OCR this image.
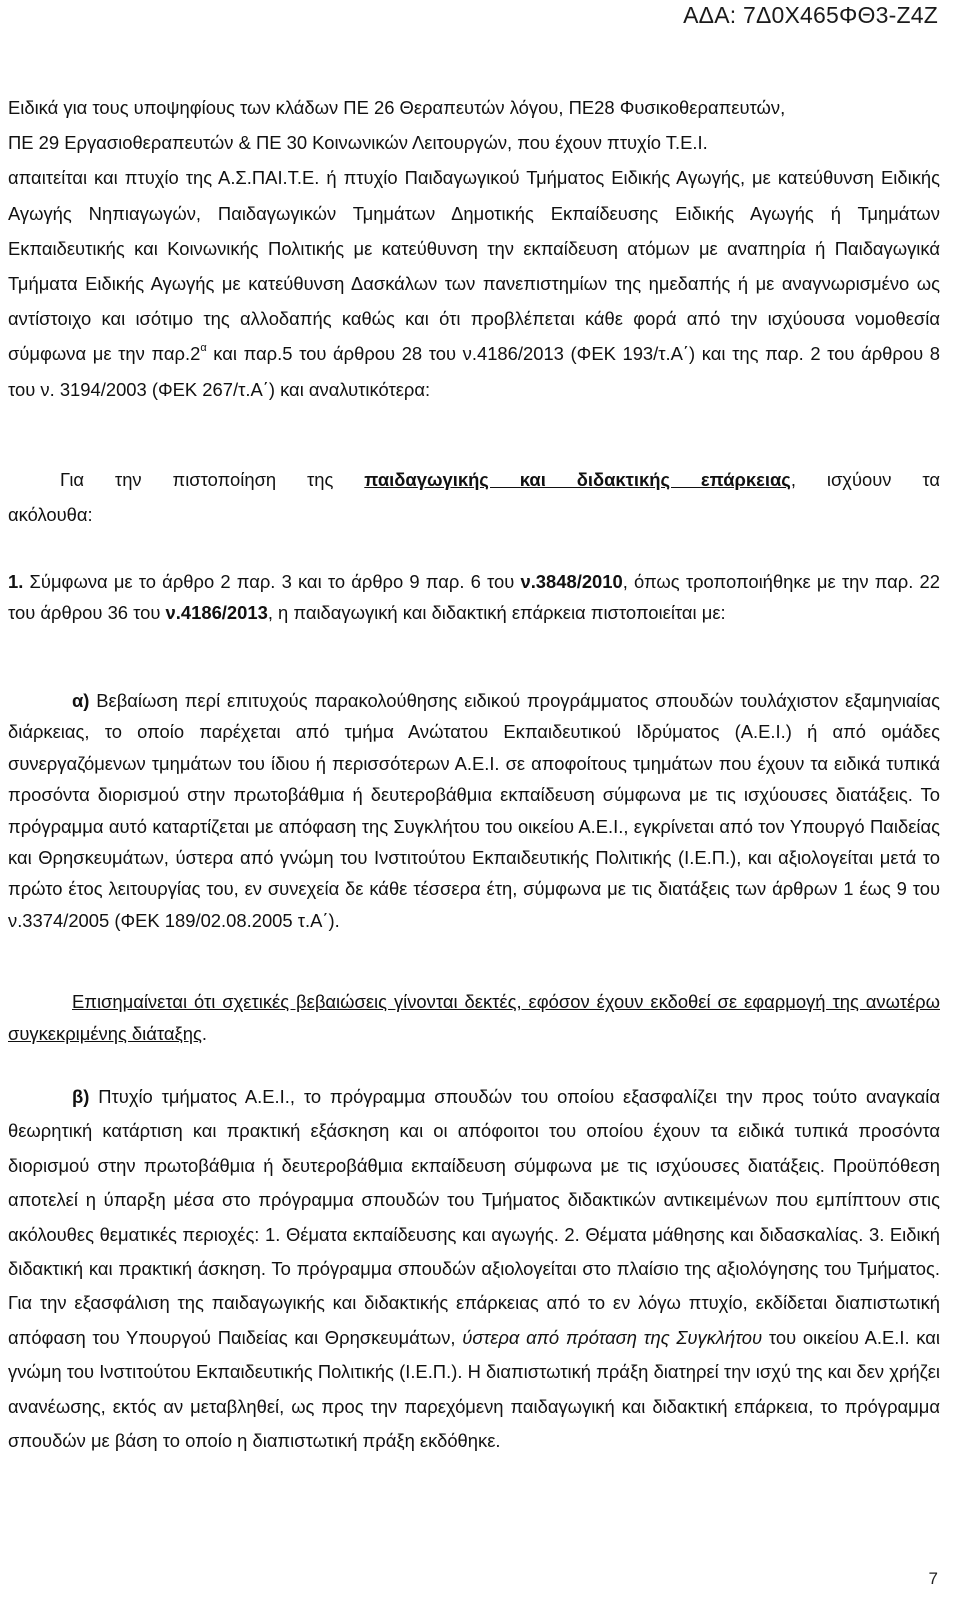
ΑΔΑ: 7Δ0Χ465ΦΘ3-Ζ4Ζ

Ειδικά για τους υποψηφίους των κλάδων ΠΕ 26 Θεραπευτών λόγου, ΠΕ28 Φυσικοθεραπευτών,

ΠΕ 29 Εργασιοθεραπευτών & ΠΕ 30 Κοινωνικών Λειτουργών, που έχουν πτυχίο Τ.Ε.Ι.

απαιτείται και πτυχίο της Α.Σ.ΠΑΙ.Τ.Ε. ή πτυχίο Παιδαγωγικού Τμήματος Ειδικής Αγωγής, με κατεύθυνση Ειδικής Αγωγής Νηπιαγωγών, Παιδαγωγικών Τμημάτων Δημοτικής Εκπαίδευσης Ειδικής Αγωγής ή Τμημάτων Εκπαιδευτικής και Κοινωνικής Πολιτικής με κατεύθυνση την εκπαίδευση ατόμων με αναπηρία ή Παιδαγωγικά Τμήματα Ειδικής Αγωγής με κατεύθυνση Δασκάλων των πανεπιστημίων της ημεδαπής ή με αναγνωρισμένο ως αντίστοιχο και ισότιμο της αλλοδαπής καθώς και ότι προβλέπεται κάθε φορά από την ισχύουσα νομοθεσία σύμφωνα με την $\pi\alpha\rho.2^\alpha$ και παρ.5 του άρθρου 28 του ν.4186/2013 (ΦΕΚ 193/τ.Α΄) και της παρ. 2 του άρθρου 8 του ν. 3194/2003 (ΦΕΚ 267/τ.Α΄) και αναλυτικότερα:

Για την πιστοποίηση της παιδαγωγικής και διδακτικής επάρκειας, ισχύουν τα

ακόλουθα:

1. Σύμφωνα με το άρθρο 2 παρ. 3 και το άρθρο 9 παρ. 6 του ν.3848/2010, όπως τροποποιήθηκε με την παρ. 22 του άρθρου 36 του ν.4186/2013, η παιδαγωγική και διδακτική επάρκεια πιστοποιείται με:

α) Βεβαίωση περί επιτυχούς παρακολούθησης ειδικού προγράμματος σπουδών τουλάχιστον εξαμηνιαίας διάρκειας, το οποίο παρέχεται από τμήμα Ανώτατου Εκπαιδευτικού Ιδρύματος (Α.Ε.Ι.) ή από ομάδες συνεργαζόμενων τμημάτων του ίδιου ή περισσότερων Α.Ε.Ι. σε αποφοίτους τμημάτων που έχουν τα ειδικά τυπικά προσόντα διορισμού στην πρωτοβάθμια ή δευτεροβάθμια εκπαίδευση σύμφωνα με τις ισχύουσες διατάξεις. Το πρόγραμμα αυτό καταρτίζεται με απόφαση της Συγκλήτου του οικείου Α.Ε.Ι., εγκρίνεται από τον Υπουργό Παιδείας και Θρησκευμάτων, ύστερα από γνώμη του Ινστιτούτου Εκπαιδευτικής Πολιτικής (Ι.Ε.Π.), και αξιολογείται μετά το πρώτο έτος λειτουργίας του, εν συνεχεία δε κάθε τέσσερα έτη, σύμφωνα με τις διατάξεις των άρθρων 1 έως 9 του ν.3374/2005 (ΦΕΚ 189/02.08.2005 τ.Α΄).

Επισημαίνεται ότι σχετικές βεβαιώσεις γίνονται δεκτές, εφόσον έχουν εκδοθεί σε εφαρμογή της ανωτέρω συγκεκριμένης διάταξης.

β) Πτυχίο τμήματος Α.Ε.Ι., το πρόγραμμα σπουδών του οποίου εξασφαλίζει την προς τούτο αναγκαία θεωρητική κατάρτιση και πρακτική εξάσκηση και οι απόφοιτοι του οποίου έχουν τα ειδικά τυπικά προσόντα διορισμού στην πρωτοβάθμια ή δευτεροβάθμια εκπαίδευση σύμφωνα με τις ισχύουσες διατάξεις. Προϋπόθεση αποτελεί η ύπαρξη μέσα στο πρόγραμμα σπουδών του Τμήματος διδακτικών αντικειμένων που εμπίπτουν στις ακόλουθες θεματικές περιοχές: 1. Θέματα εκπαίδευσης και αγωγής. 2. Θέματα μάθησης και διδασκαλίας. 3. Ειδική διδακτική και πρακτική άσκηση. Το πρόγραμμα σπουδών αξιολογείται στο πλαίσιο της αξιολόγησης του Τμήματος. Για την εξασφάλιση της παιδαγωγικής και διδακτικής επάρκειας από το εν λόγω πτυχίο, εκδίδεται διαπιστωτική απόφαση του Υπουργού Παιδείας και Θρησκευμάτων, ύστερα από πρόταση της Συγκλήτου του οικείου Α.Ε.Ι. και γνώμη του Ινστιτούτου Εκπαιδευτικής Πολιτικής (Ι.Ε.Π.). Η διαπιστωτική πράξη διατηρεί την ισχύ της και δεν χρήζει ανανέωσης, εκτός αν μεταβληθεί, ως προς την παρεχόμενη παιδαγωγική και διδακτική επάρκεια, το πρόγραμμα σπουδών με βάση το οποίο η διαπιστωτική πράξη εκδόθηκε.

7
